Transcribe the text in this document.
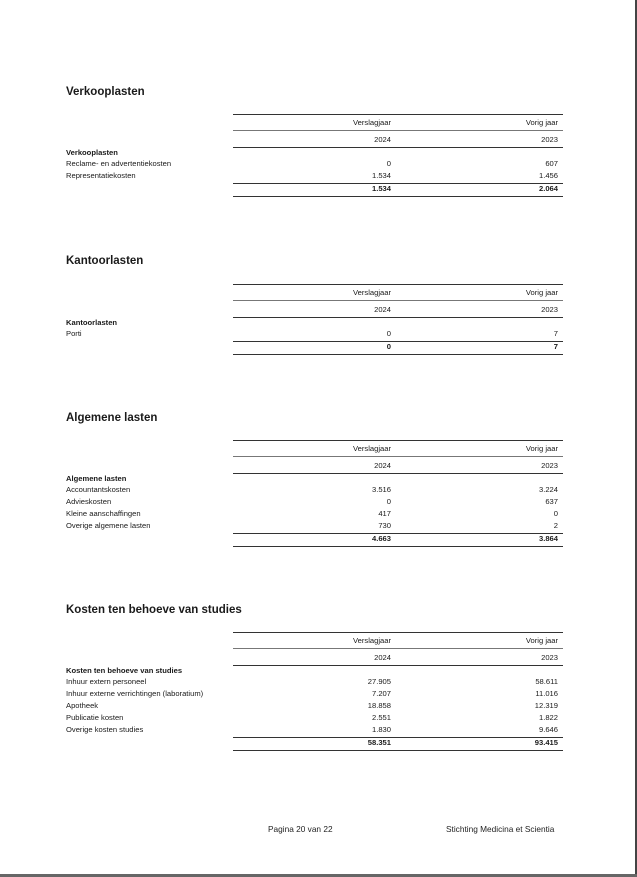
Verkooplasten
Verslagjaar	Vorig jaar
2024	2023
Verkooplasten
Reclame- en advertentiekosten	0	607
Representatiekosten	1.534	1.456
1.534	2.064
Kantoorlasten
Verslagjaar	Vorig jaar
2024	2023
Kantoorlasten
Porti	0	7
0	7
Algemene lasten
Verslagjaar	Vorig jaar
2024	2023
Algemene lasten
Accountantskosten	3.516	3.224
Advieskosten	0	637
Kleine aanschaffingen	417	0
Overige algemene lasten	730	2
4.663	3.864
Kosten ten behoeve van studies
Verslagjaar	Vorig jaar
2024	2023
Kosten ten behoeve van studies
Inhuur extern personeel	27.905	58.611
Inhuur externe verrichtingen (laboratium)	7.207	11.016
Apotheek	18.858	12.319
Publicatie kosten	2.551	1.822
Overige kosten studies	1.830	9.646
58.351	93.415
Pagina 20 van 22	Stichting Medicina et Scientia
